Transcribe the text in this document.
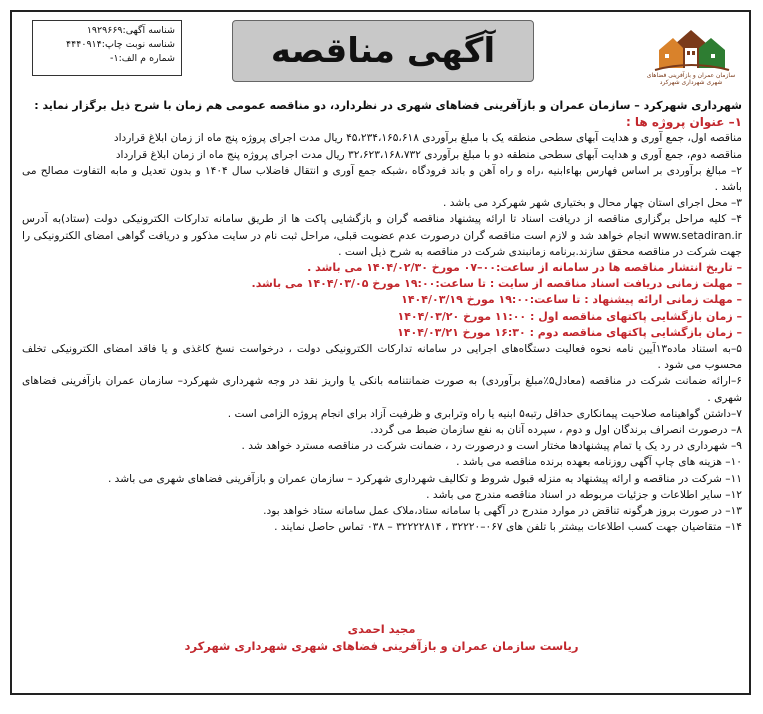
شناسه آگهی:۱۹۲۹۶۶۹
شناسه نوبت چاپ:۴۴۴۰۹۱۴
شماره م الف:۱-	آگهی مناقصه
سازمان عمران و بازآفرینی فضاهای شهری شهرداری شهرکرد

شهرداری شهرکرد – سازمان عمران و بازآفرینی فضاهای شهری در نظردارد، دو مناقصه عمومی هم زمان با شرح ذیل برگزار نماید :

۱– عنوان پروژه ها :

مناقصه اول، جمع آوری و هدایت آبهای سطحی منطقه یک با مبلغ برآوردی ۴۵،۲۳۴،۱۶۵،۶۱۸ ریال مدت اجرای پروژه پنج ماه از زمان ابلاغ قرارداد

مناقصه دوم، جمع آوری و هدایت آبهای سطحی منطقه دو با مبلغ برآوردی ۳۲،۶۲۳،۱۶۸،۷۳۲ ریال مدت اجرای پروژه پنج ماه از زمان ابلاغ قرارداد

۲– مبالغ برآوردی بر اساس فهارس بهاءابنیه ،راه و راه آهن و باند فرودگاه ،شبکه جمع آوری و انتقال فاضلاب سال ۱۴۰۴ و بدون تعدیل و مابه التفاوت مصالح می باشد .

۳– محل اجرای استان چهار محال و بختیاری شهر شهرکرد می باشد .

۴– کلیه مراحل برگزاری مناقصه از دریافت اسناد تا ارائه پیشنهاد مناقصه گران و بازگشایی پاکت ها از طریق سامانه تدارکات الکترونیکی دولت (ستاد)به آدرس www.setadiran.ir انجام خواهد شد و لازم است مناقصه گران درصورت عدم عضویت قبلی، مراحل ثبت نام در سایت مذکور و دریافت گواهی امضای الکترونیکی را جهت شرکت در مناقصه محقق سازند.برنامه زمانبندی شرکت در مناقصه به شرح ذیل است .

– تاریخ انتشار مناقصه ها در سامانه از ساعت:۰۰–۰۷ مورخ ۱۴۰۴/۰۲/۳۰ می باشد .

– مهلت زمانی دریافت اسناد مناقصه از سایت : تا ساعت:۱۹:۰۰ مورخ ۱۴۰۴/۰۳/۰۵ می باشد.

– مهلت زمانی ارائه پیشنهاد : تا ساعت:۱۹:۰۰ مورخ ۱۴۰۴/۰۳/۱۹

– زمان بازگشایی پاکتهای مناقصه اول : ۱۱:۰۰ مورخ ۱۴۰۴/۰۳/۲۰

– زمان بازگشایی پاکتهای مناقصه دوم : ۱۶:۳۰ مورخ ۱۴۰۴/۰۳/۲۱

۵–به استناد ماده۱۳آیین نامه نحوه فعالیت دستگاه‌های اجرایی در سامانه تدارکات الکترونیکی دولت ، درخواست نسخ کاغذی و یا فاقد امضای الکترونیکی تخلف محسوب می شود .

۶–ارائه ضمانت شرکت در مناقصه (معادل۵٪مبلغ برآوردی) به صورت ضمانتنامه بانکی یا واریز نقد در وجه شهرداری شهرکرد– سازمان عمران بازآفرینی فضاهای شهری .

۷–داشتن گواهینامه صلاحیت پیمانکاری حداقل رتبه۵ ابنیه یا راه وترابری و ظرفیت آزاد برای انجام پروژه الزامی است .

۸– درصورت انصراف برندگان اول و دوم ، سپرده آنان به نفع سازمان ضبط می گردد.

۹– شهرداری در رد یک یا تمام پیشنهادها مختار است و درصورت رد ، ضمانت شرکت در مناقصه مسترد خواهد شد .

۱۰– هزینه های چاپ آگهی روزنامه بعهده برنده مناقصه می باشد .

۱۱– شرکت در مناقصه و ارائه پیشنهاد به منزله قبول شروط و تکالیف شهرداری شهرکرد – سازمان عمران و بازآفرینی فضاهای شهری می باشد .

۱۲– سایر اطلاعات و جزئیات مربوطه در اسناد مناقصه مندرج می باشد .

۱۳– در صورت بروز هرگونه تناقض در موارد مندرج در آگهی با سامانه ستاد،ملاک عمل سامانه ستاد خواهد بود.

۱۴– متقاضیان جهت کسب اطلاعات بیشتر با تلفن های ۰۶۷–۳۲۲۲۰ ، ۳۲۲۲۲۸۱۴ – ۰۳۸ تماس حاصل نمایند .

مجید احمدی
ریاست سازمان عمران و بازآفرینی فضاهای شهری شهرداری شهرکرد
